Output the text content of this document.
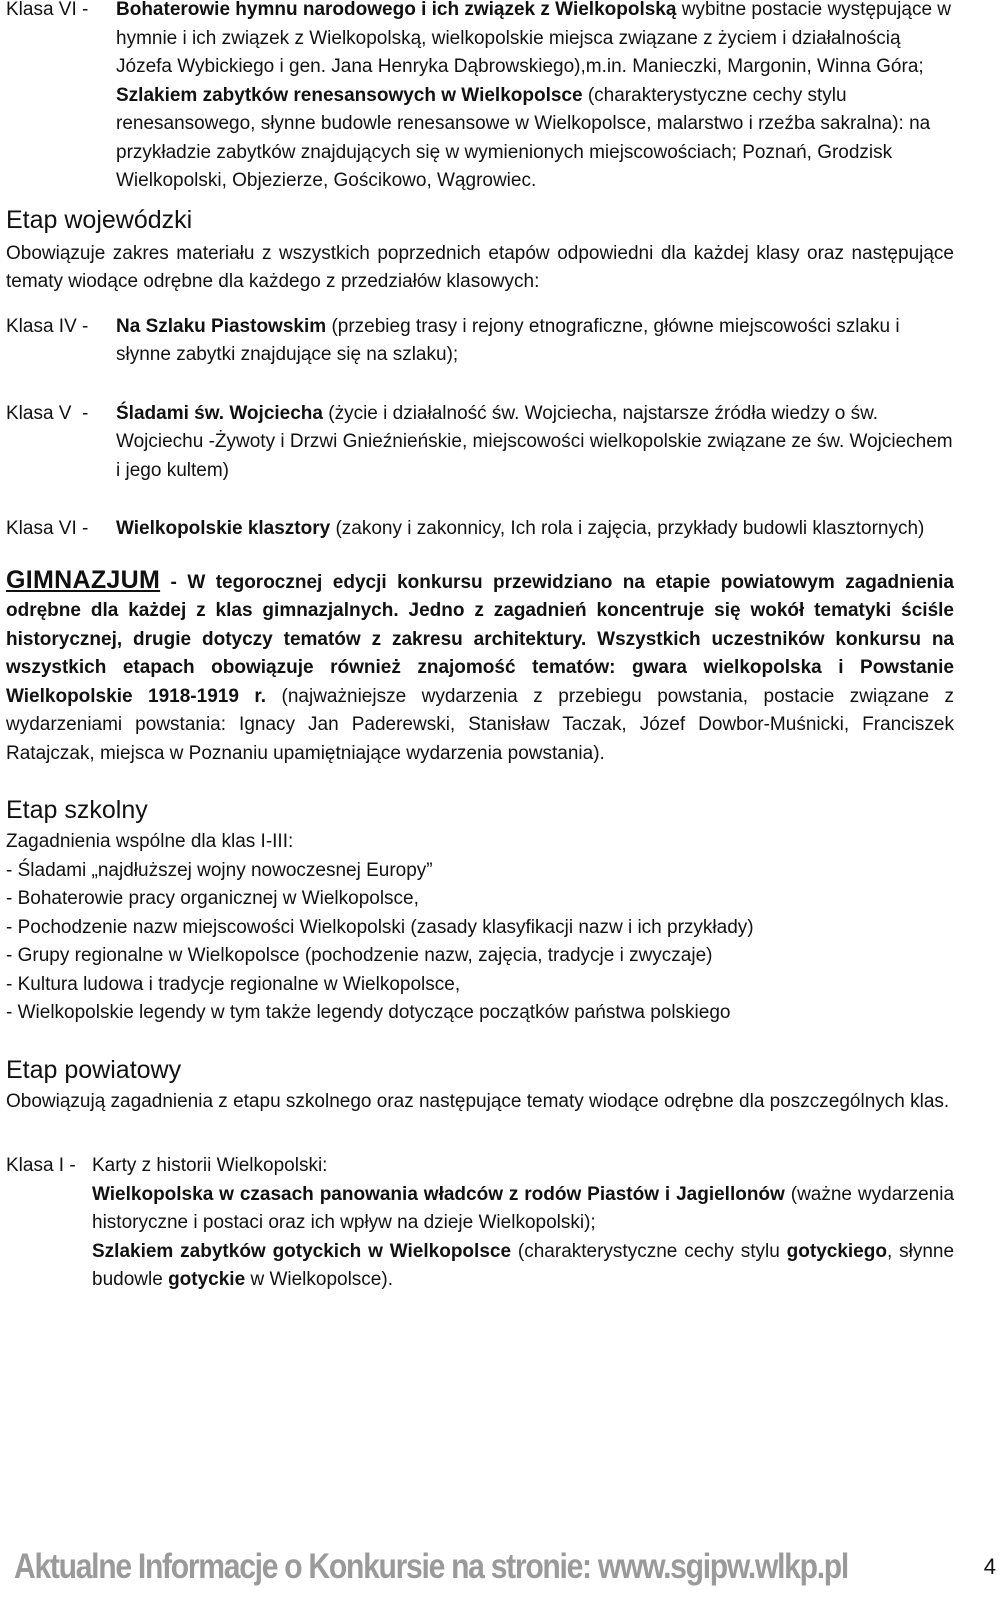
Klasa VI -	Bohaterowie hymnu narodowego i ich związek z Wielkopolską wybitne postacie występujące w hymnie i ich związek z Wielkopolską, wielkopolskie miejsca związane z życiem i działalnością Józefa Wybickiego i gen. Jana Henryka Dąbrowskiego),m.in. Manieczki, Margonin, Winna Góra;
Szlakiem zabytków renesansowych w Wielkopolsce (charakterystyczne cechy stylu renesansowego, słynne budowle renesansowe w Wielkopolsce, malarstwo i rzeźba sakralna): na przykładzie zabytków znajdujących się w wymienionych miejscowościach; Poznań, Grodzisk Wielkopolski, Objezierze, Gościkowo, Wągrowiec.
Etap wojewódzki
Obowiązuje zakres materiału z wszystkich poprzednich etapów odpowiedni dla każdej klasy oraz następujące tematy wiodące odrębne dla każdego z przedziałów klasowych:
Klasa IV -	Na Szlaku Piastowskim (przebieg trasy i rejony etnograficzne, główne miejscowości szlaku i słynne zabytki znajdujące się na szlaku);
Klasa V  -	Śladami św. Wojciecha (życie i działalność św. Wojciecha, najstarsze źródła wiedzy o św. Wojciechu -Żywoty i Drzwi Gnieźnieńskie, miejscowości wielkopolskie związane ze św. Wojciechem i jego kultem)
Klasa VI -	Wielkopolskie klasztory (zakony i zakonnicy, Ich rola i zajęcia, przykłady budowli klasztornych)
GIMNAZJUM - W tegorocznej edycji konkursu przewidziano na etapie powiatowym zagadnienia odrębne dla każdej z klas gimnazjalnych. Jedno z zagadnień koncentruje się wokół tematyki ściśle historycznej, drugie dotyczy tematów z zakresu architektury. Wszystkich uczestników konkursu na wszystkich etapach obowiązuje również znajomość tematów: gwara wielkopolska i Powstanie Wielkopolskie 1918-1919 r. (najważniejsze wydarzenia z przebiegu powstania, postacie związane z wydarzeniami powstania: Ignacy Jan Paderewski, Stanisław Taczak, Józef Dowbor-Muśnicki, Franciszek Ratajczak, miejsca w Poznaniu upamiętniające wydarzenia powstania).
Etap szkolny
Zagadnienia wspólne dla klas I-III:
- Śladami „najdłuższej wojny nowoczesnej Europy”
- Bohaterowie pracy organicznej w Wielkopolsce,
- Pochodzenie nazw miejscowości Wielkopolski (zasady klasyfikacji nazw i ich przykłady)
- Grupy regionalne w Wielkopolsce (pochodzenie nazw, zajęcia, tradycje i zwyczaje)
- Kultura ludowa i tradycje regionalne w Wielkopolsce,
- Wielkopolskie legendy w tym także legendy dotyczące początków państwa polskiego
Etap powiatowy
Obowiązują zagadnienia z etapu szkolnego oraz następujące tematy wiodące odrębne dla poszczególnych klas.
Klasa I - Karty z historii Wielkopolski:
Wielkopolska w czasach panowania władców z rodów Piastów i Jagiellonów (ważne wydarzenia historyczne i postaci oraz ich wpływ na dzieje Wielkopolski);
Szlakiem zabytków gotyckich w Wielkopolsce (charakterystyczne cechy stylu gotyckiego, słynne budowle gotyckie w Wielkopolsce).
Aktualne Informacje o Konkursie na stronie: www.sgipw.wlkp.pl	4
